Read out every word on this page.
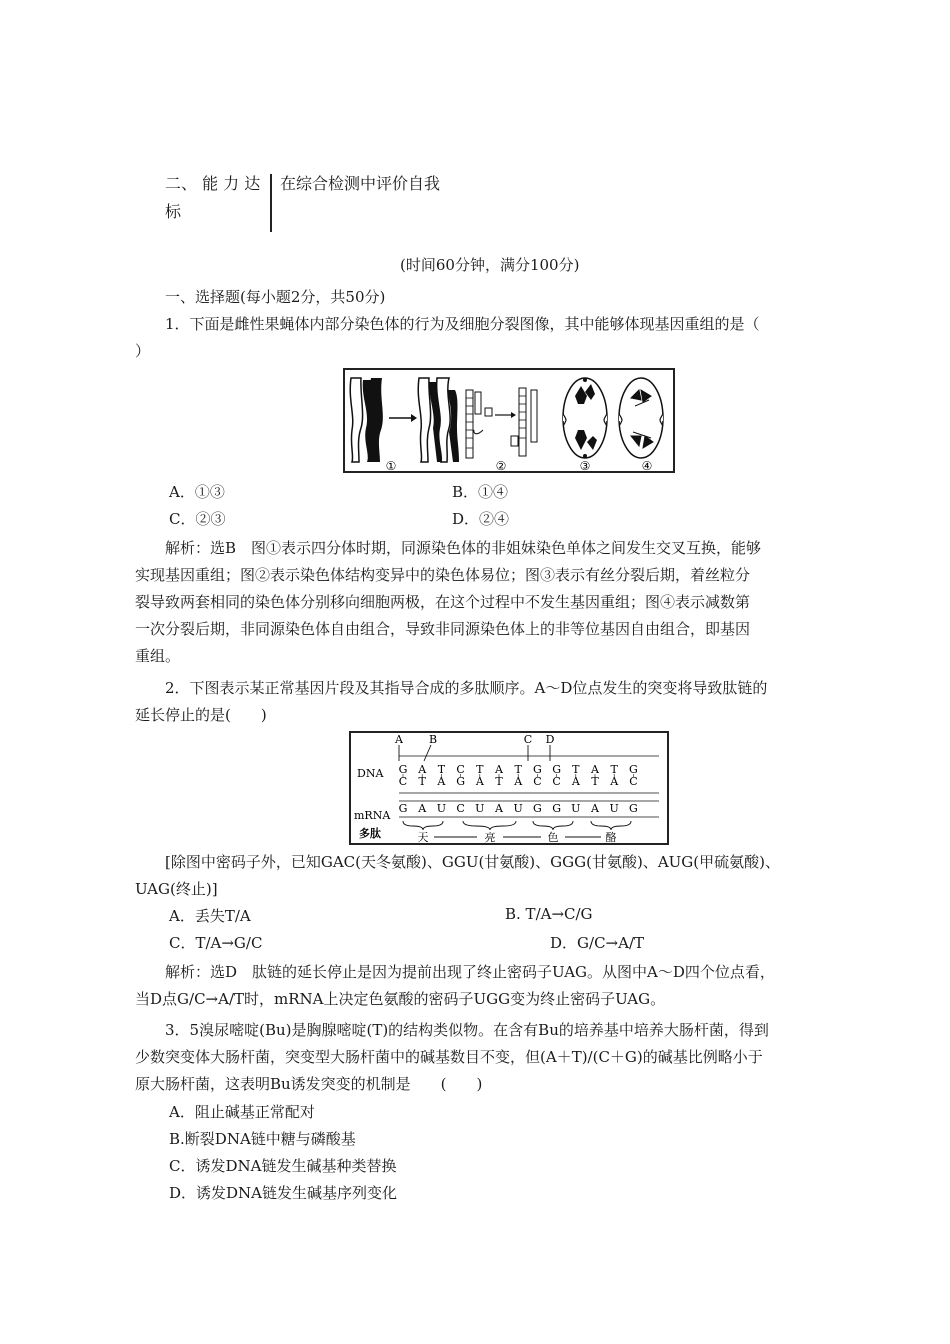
二、 能 力 达
标
在综合检测中评价自我
(时间60分钟，满分100分)
一、选择题(每小题2分，共50分)
1．下面是雌性果蝇体内部分染色体的行为及细胞分裂图像，其中能够体现基因重组的是（
）
①	②	③	④
A．①③	B．①④
C．②③	D．②④
解析：选B　图①表示四分体时期，同源染色体的非姐妹染色单体之间发生交叉互换，能够
实现基因重组；图②表示染色体结构变异中的染色体易位；图③表示有丝分裂后期，着丝粒分
裂导致两套相同的染色体分别移向细胞两极，在这个过程中不发生基因重组；图④表示减数第
一次分裂后期，非同源染色体自由组合，导致非同源染色体上的非等位基因自由组合，即基因
重组。
2．下图表示某正常基因片段及其指导合成的多肽顺序。A～D位点发生的突变将导致肽链的
延长停止的是(　　)
A B	C D
DNA
mRNA
多肽
G A T C T A T G G T A T G
C T A G A T A C C A T A C
G A U C U A U G G U A U G
天	亮	色	酪
[除图中密码子外，已知GAC(天冬氨酸)、GGU(甘氨酸)、GGG(甘氨酸)、AUG(甲硫氨酸)、
UAG(终止)]
A．丢失T/A	B. T/A→C/G
C．T/A→G/C	D．G/C→A/T
解析：选D　肽链的延长停止是因为提前出现了终止密码子UAG。从图中A～D四个位点看，
当D点G/C→A/T时，mRNA上决定色氨酸的密码子UGG变为终止密码子UAG。
3．5溴尿嘧啶(Bu)是胸腺嘧啶(T)的结构类似物。在含有Bu的培养基中培养大肠杆菌，得到
少数突变体大肠杆菌，突变型大肠杆菌中的碱基数目不变，但(A＋T)/(C＋G)的碱基比例略小于
原大肠杆菌，这表明Bu诱发突变的机制是　　(　　)
A．阻止碱基正常配对
B.断裂DNA链中糖与磷酸基
C．诱发DNA链发生碱基种类替换
D．诱发DNA链发生碱基序列变化
